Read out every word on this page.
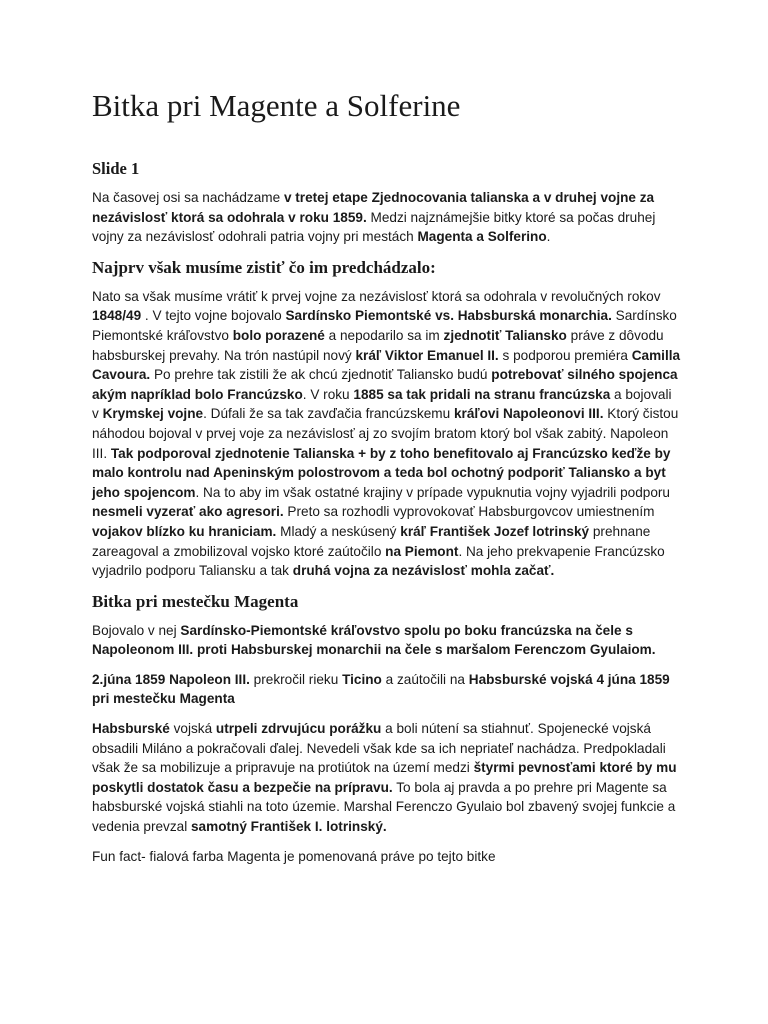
Bitka pri Magente a Solferine
Slide 1

Na časovej osi sa nachádzame v tretej etape Zjednocovania talianska a v druhej vojne za nezávislosť ktorá sa odohrala v roku 1859. Medzi najznámejšie bitky ktoré sa počas druhej vojny za nezávislosť odohrali patria vojny pri mestách Magenta a Solferino.

Najprv však musíme zistiť čo im predchádzalo:

Nato sa však musíme vrátiť k prvej vojne za nezávislosť ktorá sa odohrala v revolučných rokov 1848/49 . V tejto vojne bojovalo Sardínsko Piemontské vs. Habsburská monarchia. Sardínsko Piemontské kráľovstvo bolo porazené a nepodarilo sa im zjednotiť Taliansko práve z dôvodu habsburskej prevahy. Na trón nastúpil nový kráľ Viktor Emanuel II. s podporou premiéra Camilla Cavoura. Po prehre tak zistili že ak chcú zjednotiť Taliansko budú potrebovať silného spojenca akým napríklad bolo Francúzsko. V roku 1885 sa tak pridali na stranu francúzska a bojovali v Krymskej vojne. Dúfali že sa tak zavďačia francúzskemu kráľovi Napoleonovi III. Ktorý čistou náhodou bojoval v prvej voje za nezávislosť aj zo svojím bratom ktorý bol však zabitý. Napoleon III. Tak podporoval zjednotenie Talianska + by z toho benefitovalo aj Francúzsko keďže by malo kontrolu nad Apeninským polostrovom a teda bol ochotný podporiť Taliansko a byt jeho spojencom. Na to aby im však ostatné krajiny v prípade vypuknutia vojny vyjadrili podporu nesmeli vyzerať ako agresori. Preto sa rozhodli vyprovokovať Habsburgovcov umiestnením vojakov blízko ku hraniciam. Mladý a neskúsený kráľ František Jozef lotrinský prehnane zareagoval a zmobilizoval vojsko ktoré zaútočilo na Piemont. Na jeho prekvapenie Francúzsko vyjadrilo podporu Taliansku a tak druhá vojna za nezávislosť mohla začať.

Bitka pri mestečku Magenta

Bojovalo v nej Sardínsko-Piemontské kráľovstvo spolu po boku francúzska na čele s Napoleonom III. proti Habsburskej monarchii na čele s maršalom Ferenczom Gyulaiom.

2.júna 1859 Napoleon III. prekročil rieku Ticino a zaútočili na Habsburské vojská 4 júna 1859 pri mestečku Magenta

Habsburské vojská utrpeli zdrvujúcu porážku a boli nútení sa stiahnuť. Spojenecké vojská obsadili Miláno a pokračovali ďalej. Nevedeli však kde sa ich nepriateľ nachádza. Predpokladali však že sa mobilizuje a pripravuje na protiútok na území medzi štyrmi pevnosťami ktoré by mu poskytli dostatok času a bezpečie na prípravu. To bola aj pravda a po prehre pri Magente sa habsburské vojská stiahli na toto územie. Marshal Ferenczo Gyulaio bol zbavený svojej funkcie a vedenia prevzal samotný František I. lotrinský.

Fun fact- fialová farba Magenta je pomenovaná práve po tejto bitke
